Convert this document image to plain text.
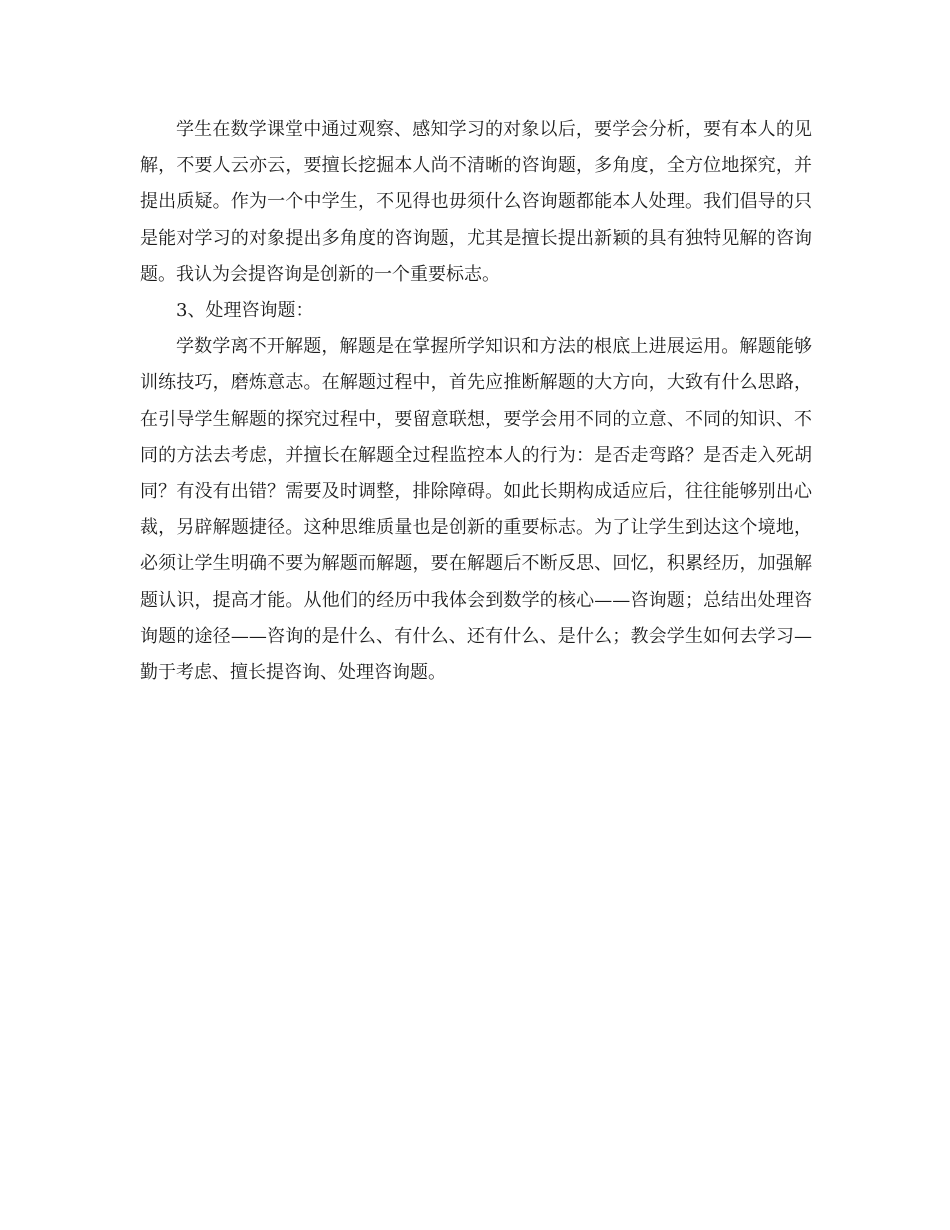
学生在数学课堂中通过观察、感知学习的对象以后，要学会分析，要有本人的见解，不要人云亦云，要擅长挖掘本人尚不清晰的咨询题，多角度，全方位地探究，并提出质疑。作为一个中学生，不见得也毋须什么咨询题都能本人处理。我们倡导的只是能对学习的对象提出多角度的咨询题，尤其是擅长提出新颖的具有独特见解的咨询题。我认为会提咨询是创新的一个重要标志。

3、处理咨询题：

学数学离不开解题，解题是在掌握所学知识和方法的根底上进展运用。解题能够训练技巧，磨炼意志。在解题过程中，首先应推断解题的大方向，大致有什么思路，在引导学生解题的探究过程中，要留意联想，要学会用不同的立意、不同的知识、不同的方法去考虑，并擅长在解题全过程监控本人的行为：是否走弯路？是否走入死胡同？有没有出错？需要及时调整，排除障碍。如此长期构成适应后，往往能够别出心裁，另辟解题捷径。这种思维质量也是创新的重要标志。为了让学生到达这个境地，必须让学生明确不要为解题而解题，要在解题后不断反思、回忆，积累经历，加强解题认识，提高才能。从他们的经历中我体会到数学的核心——咨询题；总结出处理咨询题的途径——咨询的是什么、有什么、还有什么、是什么；教会学生如何去学习—勤于考虑、擅长提咨询、处理咨询题。
